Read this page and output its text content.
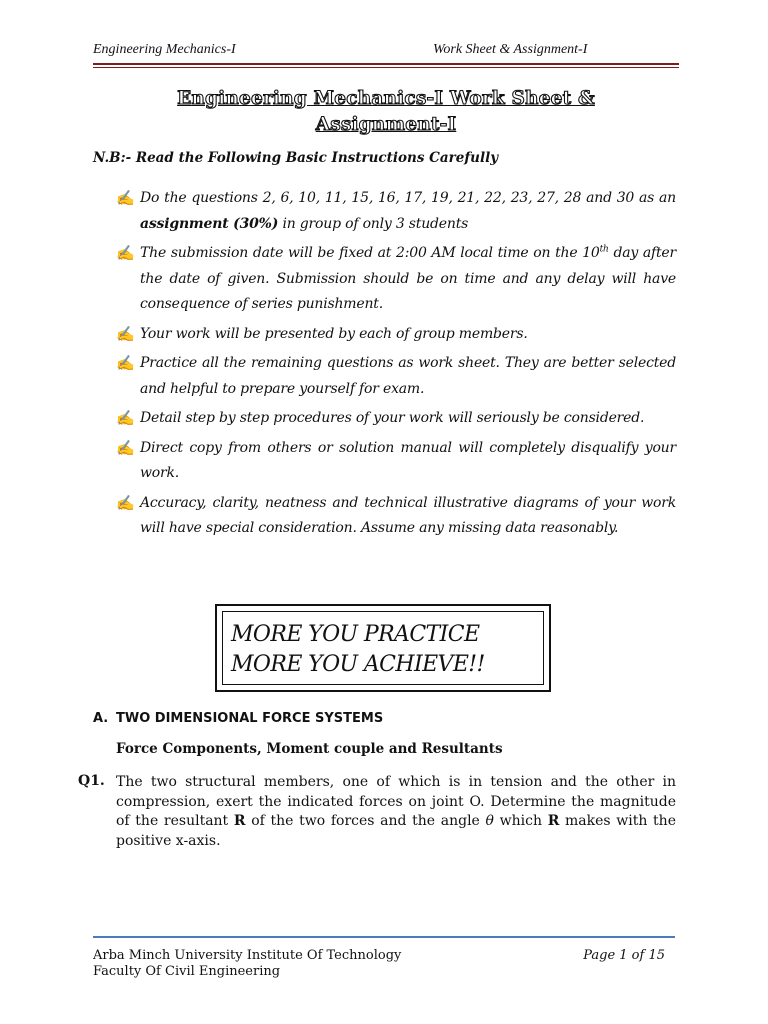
Engineering Mechanics-I	Work Sheet & Assignment-I
Engineering Mechanics-I Work Sheet &
Assignment-I
N.B:- Read the Following Basic Instructions Carefully
✍ Do the questions 2, 6, 10, 11, 15, 16, 17, 19, 21, 22, 23, 27, 28 and 30 as an assignment (30%) in group of only 3 students
✍ The submission date will be fixed at 2:00 AM local time on the 10th day after the date of given. Submission should be on time and any delay will have consequence of series punishment.
✍ Your work will be presented by each of group members.
✍ Practice all the remaining questions as work sheet. They are better selected and helpful to prepare yourself for exam.
✍ Detail step by step procedures of your work will seriously be considered.
✍ Direct copy from others or solution manual will completely disqualify your work.
✍ Accuracy, clarity, neatness and technical illustrative diagrams of your work will have special consideration. Assume any missing data reasonably.
MORE YOU PRACTICE
MORE YOU ACHIEVE!!
A. TWO DIMENSIONAL FORCE SYSTEMS
Force Components, Moment couple and Resultants
Q1. The two structural members, one of which is in tension and the other in compression, exert the indicated forces on joint O. Determine the magnitude of the resultant R of the two forces and the angle θ which R makes with the positive x-axis.
Arba Minch University Institute Of Technology
Faculty Of Civil Engineering
Page 1 of 15
